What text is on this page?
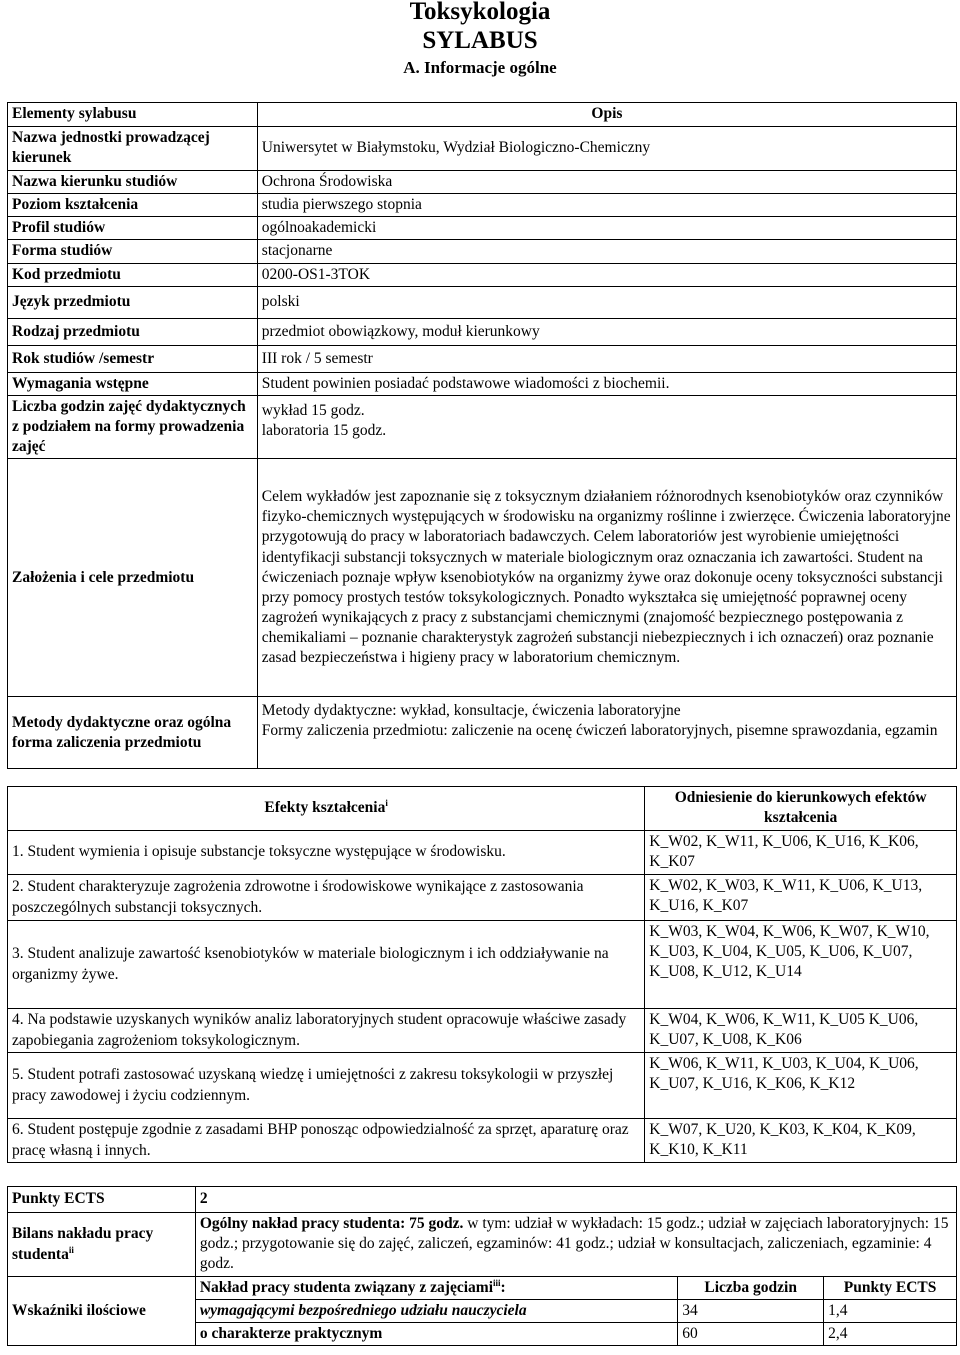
Toksykologia
SYLABUS
A. Informacje ogólne
Elementy sylabusu	Opis
Nazwa jednostki prowadzącej kierunek	Uniwersytet w Białymstoku, Wydział Biologiczno-Chemiczny
Nazwa kierunku studiów	Ochrona Środowiska
Poziom kształcenia	studia pierwszego stopnia
Profil studiów	ogólnoakademicki
Forma studiów	stacjonarne
Kod przedmiotu	0200-OS1-3TOK
Język przedmiotu	polski
Rodzaj przedmiotu	przedmiot obowiązkowy, moduł kierunkowy
Rok studiów /semestr	III rok / 5 semestr
Wymagania wstępne	Student powinien posiadać podstawowe wiadomości z biochemii.
Liczba godzin zajęć dydaktycznych z podziałem na formy prowadzenia zajęć	wykład 15 godz.
laboratoria 15 godz.

Założenia i cele przedmiotu	Celem wykładów jest zapoznanie się z toksycznym działaniem różnorodnych ksenobiotyków oraz czynników fizyko-chemicznych występujących w środowisku na organizmy roślinne i zwierzęce. Ćwiczenia laboratoryjne przygotowują do pracy w laboratoriach badawczych. Celem laboratoriów jest wyrobienie umiejętności identyfikacji substancji toksycznych w materiale biologicznym oraz oznaczania ich zawartości. Student na ćwiczeniach poznaje wpływ ksenobiotyków na organizmy żywe oraz dokonuje oceny toksyczności substancji przy pomocy prostych testów toksykologicznych. Ponadto wykształca się umiejętność poprawnej oceny zagrożeń wynikających z pracy z substancjami chemicznymi (znajomość bezpiecznego postępowania z chemikaliami – poznanie charakterystyk zagrożeń substancji niebezpiecznych i ich oznaczeń) oraz poznanie zasad bezpieczeństwa i higieny pracy w laboratorium chemicznym.
Metody dydaktyczne oraz ogólna forma zaliczenia przedmiotu	Metody dydaktyczne: wykład, konsultacje, ćwiczenia laboratoryjne
Formy zaliczenia przedmiotu: zaliczenie na ocenę ćwiczeń laboratoryjnych, pisemne sprawozdania, egzamin
Efekty kształcenia$^i$	Odniesienie do kierunkowych efektów kształcenia
1. Student wymienia i opisuje substancje toksyczne występujące w środowisku.	K_W02, K_W11, K_U06, K_U16, K_K06, K_K07
2. Student charakteryzuje zagrożenia zdrowotne i środowiskowe wynikające z zastosowania poszczególnych substancji toksycznych.	K_W02, K_W03, K_W11, K_U06, K_U13, K_U16, K_K07
3. Student analizuje zawartość ksenobiotyków w materiale biologicznym i ich oddziaływanie na organizmy żywe.	K_W03, K_W04, K_W06, K_W07, K_W10, K_U03, K_U04, K_U05, K_U06, K_U07, K_U08, K_U12, K_U14
4. Na podstawie uzyskanych wyników analiz laboratoryjnych student opracowuje właściwe zasady zapobiegania zagrożeniom toksykologicznym.	K_W04, K_W06, K_W11, K_U05 K_U06, K_U07, K_U08, K_K06
5. Student potrafi zastosować uzyskaną wiedzę i umiejętności z zakresu toksykologii w przyszłej pracy zawodowej i życiu codziennym.	K_W06, K_W11, K_U03, K_U04, K_U06, K_U07, K_U16, K_K06, K_K12
6. Student postępuje zgodnie z zasadami BHP ponosząc odpowiedzialność za sprzęt, aparaturę oraz pracę własną i innych.	K_W07, K_U20, K_K03, K_K04, K_K09, K_K10, K_K11
Punkty ECTS	2		
Bilans nakładu pracy studenta$^{ii}$	Ogólny nakład pracy studenta: 75 godz. w tym: udział w wykładach: 15 godz.; udział w zajęciach laboratoryjnych: 15 godz.; przygotowanie się do zajęć, zaliczeń, egzaminów: 41 godz.; udział w konsultacjach, zaliczeniach, egzaminie: 4 godz.		
Wskaźniki ilościowe	Nakład pracy studenta związany z zajęciami$^{iii}$:	Liczba godzin	Punkty ECTS
	wymagającymi bezpośredniego udziału nauczyciela	34	1,4
	o charakterze praktycznym	60	2,4
